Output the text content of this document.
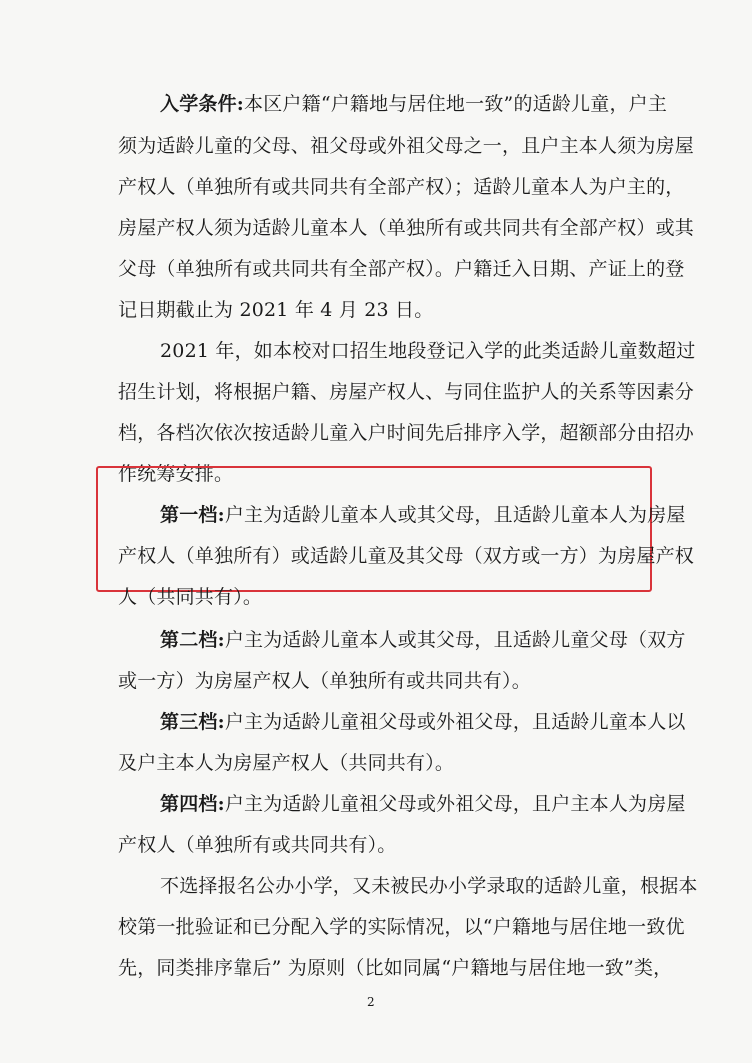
入学条件:本区户籍“户籍地与居住地一致”的适龄儿童，户主
须为适龄儿童的父母、祖父母或外祖父母之一，且户主本人须为房屋
产权人（单独所有或共同共有全部产权）；适龄儿童本人为户主的，
房屋产权人须为适龄儿童本人（单独所有或共同共有全部产权）或其
父母（单独所有或共同共有全部产权）。户籍迁入日期、产证上的登
记日期截止为 2021 年 4 月 23 日。
2021 年，如本校对口招生地段登记入学的此类适龄儿童数超过
招生计划，将根据户籍、房屋产权人、与同住监护人的关系等因素分
档，各档次依次按适龄儿童入户时间先后排序入学，超额部分由招办
作统筹安排。
第一档:户主为适龄儿童本人或其父母，且适龄儿童本人为房屋
产权人（单独所有）或适龄儿童及其父母（双方或一方）为房屋产权
人（共同共有）。
第二档:户主为适龄儿童本人或其父母，且适龄儿童父母（双方
或一方）为房屋产权人（单独所有或共同共有）。
第三档:户主为适龄儿童祖父母或外祖父母，且适龄儿童本人以
及户主本人为房屋产权人（共同共有）。
第四档:户主为适龄儿童祖父母或外祖父母，且户主本人为房屋
产权人（单独所有或共同共有）。
不选择报名公办小学，又未被民办小学录取的适龄儿童，根据本
校第一批验证和已分配入学的实际情况，以“户籍地与居住地一致优
先，同类排序靠后” 为原则（比如同属“户籍地与居住地一致”类，
2
